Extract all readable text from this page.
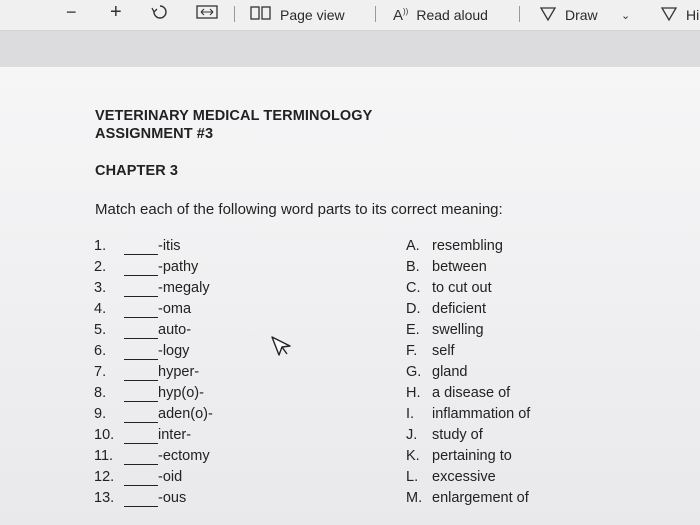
− +	Page view	A)) Read aloud	Draw ⌄	Hi
VETERINARY MEDICAL TERMINOLOGY
ASSIGNMENT #3
CHAPTER 3
Match each of the following word parts to its correct meaning:
1.	-itis
2.	-pathy
3.	-megaly
4.	-oma
5.	auto-
6.	-logy
7.	hyper-
8.	hyp(o)-
9.	aden(o)-
10.	inter-
11.	-ectomy
12.	-oid
13.	-ous
A. resembling
B. between
C. to cut out
D. deficient
E. swelling
F. self
G. gland
H. a disease of
I. inflammation of
J. study of
K. pertaining to
L. excessive
M. enlargement of
